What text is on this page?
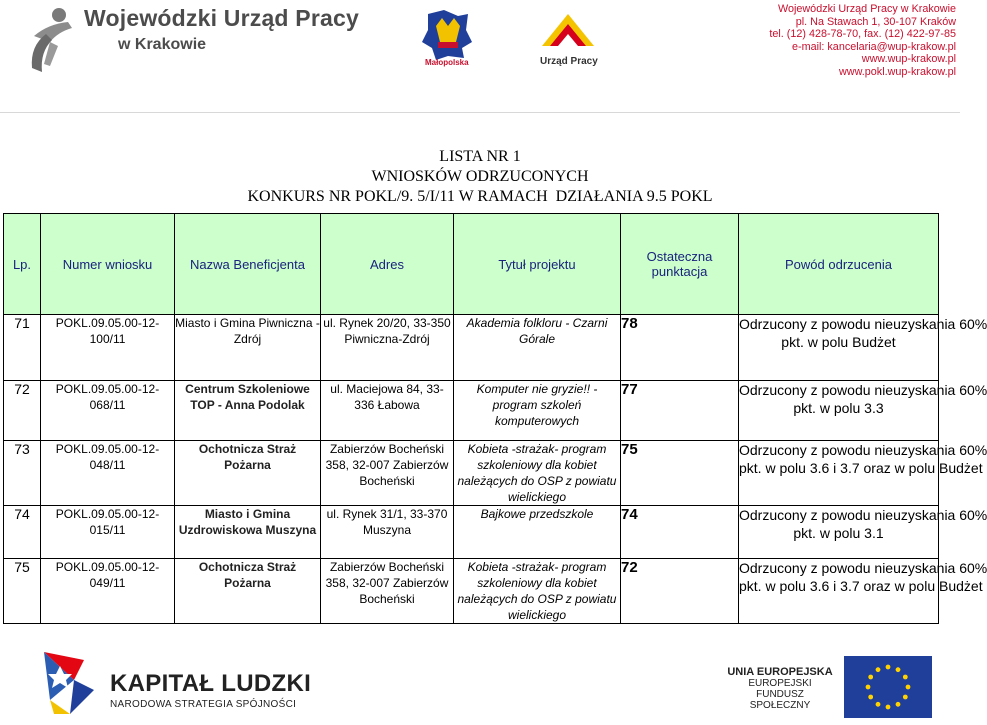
Wojewódzki Urząd Pracy
w Krakowie
Małopolska	Urząd Pracy
Wojewódzki Urząd Pracy w Krakowie
pl. Na Stawach 1, 30-107 Kraków
tel. (12) 428-78-70, fax. (12) 422-97-85
e-mail: kancelaria@wup-krakow.pl
www.wup-krakow.pl
www.pokl.wup-krakow.pl
LISTA NR 1
WNIOSKÓW ODRZUCONYCH
KONKURS NR POKL/9. 5/I/11 W RAMACH  DZIAŁANIA 9.5 POKL
Lp.	Numer wniosku	Nazwa Beneficjenta	Adres	Tytuł projektu	Ostateczna punktacja	Powód odrzucenia
71	POKL.09.05.00-12-100/11	Miasto i Gmina Piwniczna -Zdrój	ul. Rynek 20/20, 33-350 Piwniczna-Zdrój	Akademia folkloru - Czarni Górale	78	Odrzucony z powodu nieuzyskania 60%
pkt. w polu Budżet

72	POKL.09.05.00-12-068/11	Centrum Szkoleniowe TOP - Anna Podolak	ul. Maciejowa 84, 33-336 Łabowa	Komputer nie gryzie!! - program szkoleń komputerowych	77	Odrzucony z powodu nieuzyskania 60%
pkt. w polu 3.3

73	POKL.09.05.00-12-048/11	Ochotnicza Straż Pożarna	Zabierzów Bocheński 358, 32-007 Zabierzów Bocheński	Kobieta -strażak- program szkoleniowy dla kobiet należących do OSP z powiatu wielickiego	75	Odrzucony z powodu nieuzyskania 60%
pkt. w polu 3.6 i 3.7 oraz w polu Budżet

74	POKL.09.05.00-12-015/11	Miasto i Gmina Uzdrowiskowa Muszyna	ul. Rynek 31/1, 33-370 Muszyna	Bajkowe przedszkole	74	Odrzucony z powodu nieuzyskania 60%
pkt. w polu 3.1

75	POKL.09.05.00-12-049/11	Ochotnicza Straż Pożarna	Zabierzów Bocheński 358, 32-007 Zabierzów Bocheński	Kobieta -strażak- program szkoleniowy dla kobiet należących do OSP z powiatu wielickiego	72	Odrzucony z powodu nieuzyskania 60%
pkt. w polu 3.6 i 3.7 oraz w polu Budżet
KAPITAŁ LUDZKI
NARODOWA STRATEGIA SPÓJNOŚCI
UNIA EUROPEJSKA
EUROPEJSKI
FUNDUSZ SPOŁECZNY
